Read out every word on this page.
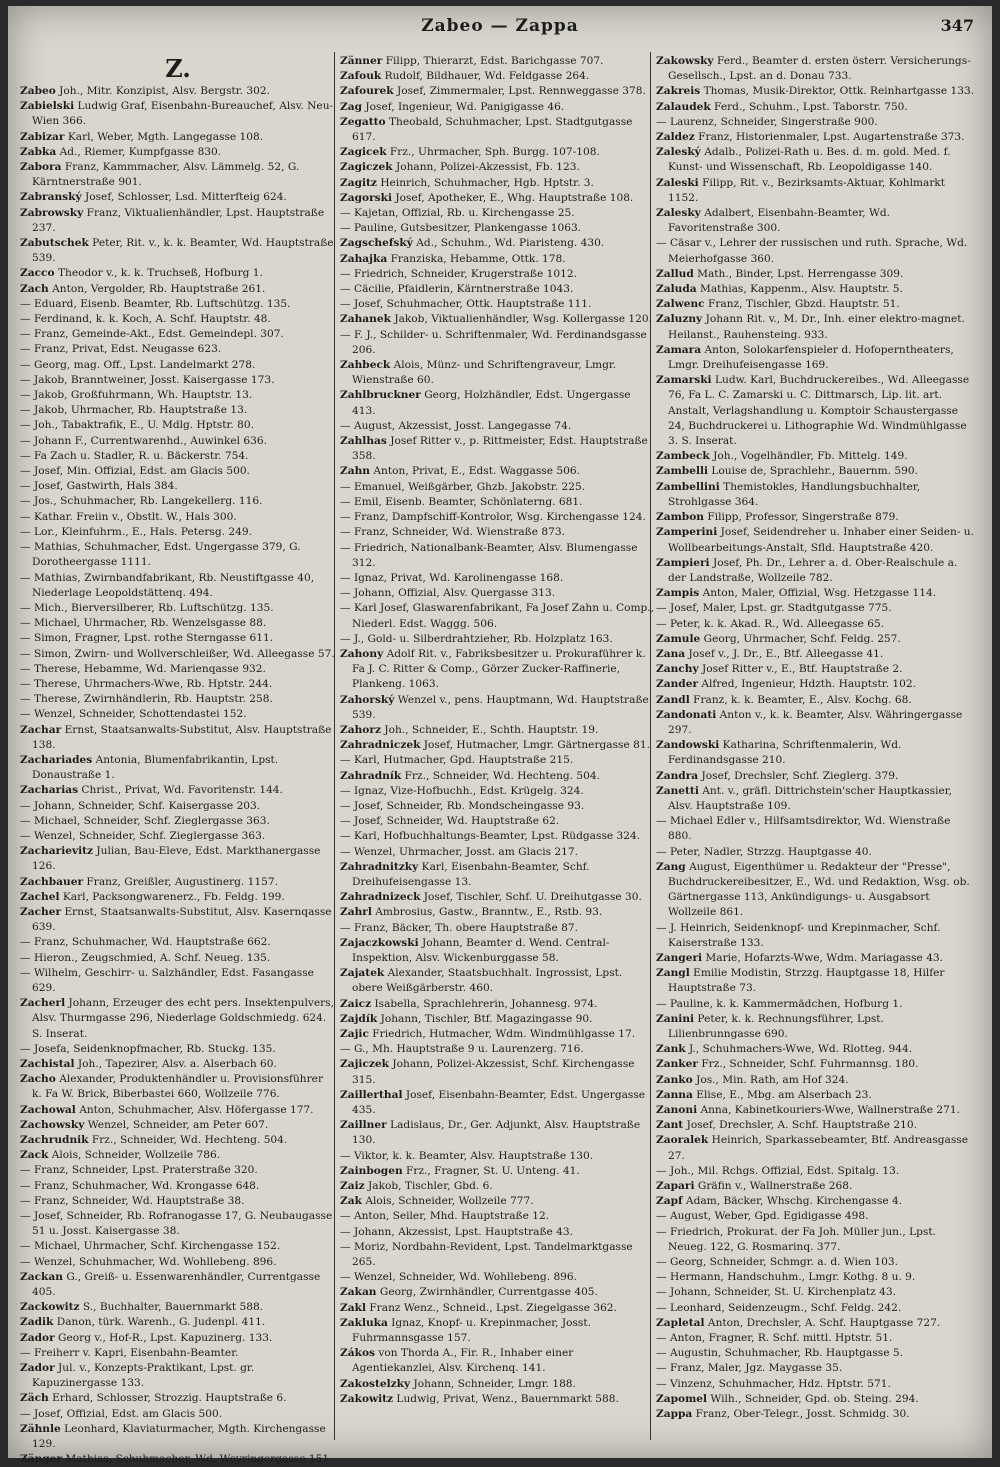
Zabeo — Zappa	347
Z.

Zabeo Joh., Mitr. Konzipist, Alsv. Bergstr. 302.

Zabielski Ludwig Graf, Eisenbahn-Bureauchef, Alsv. Neu-Wien 366.

Zabizar Karl, Weber, Mgth. Langegasse 108.

Zabka Ad., Riemer, Kumpfgasse 830.

Zabora Franz, Kammmacher, Alsv. Lämmelg. 52, G. Kärntnerstraße 901.

Zabranský Josef, Schlosser, Lsd. Mitterfteig 624.

Zabrowsky Franz, Viktualienhändler, Lpst. Hauptstraße 237.

Zabutschek Peter, Rit. v., k. k. Beamter, Wd. Hauptstraße 539.

Zacco Theodor v., k. k. Truchseß, Hofburg 1.

Zach Anton, Vergolder, Rb. Hauptstraße 261.

— Eduard, Eisenb. Beamter, Rb. Luftschützg. 135.

— Ferdinand, k. k. Koch, A. Schf. Hauptstr. 48.

— Franz, Gemeinde-Akt., Edst. Gemeindepl. 307.

— Franz, Privat, Edst. Neugasse 623.

— Georg, mag. Off., Lpst. Landelmarkt 278.

— Jakob, Branntweiner, Josst. Kaisergasse 173.

— Jakob, Großfuhrmann, Wh. Hauptstr. 13.

— Jakob, Uhrmacher, Rb. Hauptstraße 13.

— Joh., Tabaktrafik, E., U. Mdlg. Hptstr. 80.

— Johann F., Currentwarenhd., Auwinkel 636.

— Fa Zach u. Stadler, R. u. Bäckerstr. 754.

— Josef, Min. Offizial, Edst. am Glacis 500.

— Josef, Gastwirth, Hals 384.

— Jos., Schuhmacher, Rb. Langekellerg. 116.

— Kathar. Freiin v., Obstlt. W., Hals 300.

— Lor., Kleinfuhrm., E., Hals. Petersg. 249.

— Mathias, Schuhmacher, Edst. Ungergasse 379, G. Dorotheergasse 1111.

— Mathias, Zwirnbandfabrikant, Rb. Neustiftgasse 40, Niederlage Leopoldstättenq. 494.

— Mich., Bierversilberer, Rb. Luftschützg. 135.

— Michael, Uhrmacher, Rb. Wenzelsgasse 88.

— Simon, Fragner, Lpst. rothe Sterngasse 611.

— Simon, Zwirn- und Wollverschleißer, Wd. Alleegasse 57.

— Therese, Hebamme, Wd. Marienqasse 932.

— Therese, Uhrmachers-Wwe, Rb. Hptstr. 244.

— Therese, Zwirnhändlerin, Rb. Hauptstr. 258.

— Wenzel, Schneider, Schottendastei 152.

Zachar Ernst, Staatsanwalts-Substitut, Alsv. Hauptstraße 138.

Zachariades Antonia, Blumenfabrikantin, Lpst. Donaustraße 1.

Zacharias Christ., Privat, Wd. Favoritenstr. 144.

— Johann, Schneider, Schf. Kaisergasse 203.

— Michael, Schneider, Schf. Zieglergasse 363.

— Wenzel, Schneider, Schf. Zieglergasse 363.

Zacharievitz Julian, Bau-Eleve, Edst. Markthanergasse 126.

Zachbauer Franz, Greißler, Augustinerg. 1157.

Zachel Karl, Packsongwarenerz., Fb. Feldg. 199.

Zacher Ernst, Staatsanwalts-Substitut, Alsv. Kasernqasse 639.

— Franz, Schuhmacher, Wd. Hauptstraße 662.

— Hieron., Zeugschmied, A. Schf. Neueg. 135.

— Wilhelm, Geschirr- u. Salzhändler, Edst. Fasangasse 629.

Zacherl Johann, Erzeuger des echt pers. Insektenpulvers, Alsv. Thurmgasse 296, Niederlage Goldschmiedg. 624. S. Inserat.

— Josefa, Seidenknopfmacher, Rb. Stuckg. 135.

Zachistal Joh., Tapezirer, Alsv. a. Alserbach 60.

Zacho Alexander, Produktenhändler u. Provisionsführer k. Fa W. Brick, Biberbastei 660, Wollzeile 776.

Zachowal Anton, Schuhmacher, Alsv. Höfergasse 177.

Zachowsky Wenzel, Schneider, am Peter 607.

Zachrudnik Frz., Schneider, Wd. Hechteng. 504.

Zack Alois, Schneider, Wollzeile 786.

— Franz, Schneider, Lpst. Praterstraße 320.

— Franz, Schuhmacher, Wd. Krongasse 648.

— Franz, Schneider, Wd. Hauptstraße 38.

— Josef, Schneider, Rb. Rofranogasse 17, G. Neubaugasse 51 u. Josst. Kaisergasse 38.

— Michael, Uhrmacher, Schf. Kirchengasse 152.

— Wenzel, Schuhmacher, Wd. Wohllebeng. 896.

Zackan G., Greiß- u. Essenwarenhändler, Currentgasse 405.

Zackowitz S., Buchhalter, Bauernmarkt 588.

Zadik Danon, türk. Warenh., G. Judenpl. 411.

Zador Georg v., Hof-R., Lpst. Kapuzinerg. 133.

— Freiherr v. Kapri, Eisenbahn-Beamter.

Zador Jul. v., Konzepts-Praktikant, Lpst. gr. Kapuzinergasse 133.

Zäch Erhard, Schlosser, Strozzig. Hauptstraße 6.

— Josef, Offizial, Edst. am Glacis 500.

Zähnle Leonhard, Klaviaturmacher, Mgth. Kirchengasse 129.

Zänger Mathias, Schuhmacher, Wd. Weyringergasse 151.

Zänner Filipp, Thierarzt, Edst. Barichgasse 707.

Zafouk Rudolf, Bildhauer, Wd. Feldgasse 264.

Zafourek Josef, Zimmermaler, Lpst. Rennweggasse 378.

Zag Josef, Ingenieur, Wd. Panigigasse 46.

Zegatto Theobald, Schuhmacher, Lpst. Stadtgutgasse 617.

Zagicek Frz., Uhrmacher, Sph. Burgg. 107-108.

Zagiczek Johann, Polizei-Akzessist, Fb. 123.

Zagitz Heinrich, Schuhmacher, Hgb. Hptstr. 3.

Zagorski Josef, Apotheker, E., Whg. Hauptstraße 108.

— Kajetan, Offizial, Rb. u. Kirchengasse 25.

— Pauline, Gutsbesitzer, Plankengasse 1063.

Zagschefský Ad., Schuhm., Wd. Piaristeng. 430.

Zahajka Franziska, Hebamme, Ottk. 178.

— Friedrich, Schneider, Krugerstraße 1012.

— Cäcilie, Pfaidlerin, Kärntnerstraße 1043.

— Josef, Schuhmacher, Ottk. Hauptstraße 111.

Zahanek Jakob, Viktualienhändler, Wsg. Kollergasse 120.

— F. J., Schilder- u. Schriftenmaler, Wd. Ferdinandsgasse 206.

Zahbeck Alois, Münz- und Schriftengraveur, Lmgr. Wienstraße 60.

Zahlbruckner Georg, Holzhändler, Edst. Ungergasse 413.

— August, Akzessist, Josst. Langegasse 74.

Zahlhas Josef Ritter v., p. Rittmeister, Edst. Hauptstraße 358.

Zahn Anton, Privat, E., Edst. Waggasse 506.

— Emanuel, Weißgärber, Ghzb. Jakobstr. 225.

— Emil, Eisenb. Beamter, Schönlaterng. 681.

— Franz, Dampfschiff-Kontrolor, Wsg. Kirchengasse 124.

— Franz, Schneider, Wd. Wienstraße 873.

— Friedrich, Nationalbank-Beamter, Alsv. Blumengasse 312.

— Ignaz, Privat, Wd. Karolinengasse 168.

— Johann, Offizial, Alsv. Quergasse 313.

— Karl Josef, Glaswarenfabrikant, Fa Josef Zahn u. Comp., Niederl. Edst. Waggg. 506.

— J., Gold- u. Silberdrahtzieher, Rb. Holzplatz 163.

Zahony Adolf Rit. v., Fabriksbesitzer u. Prokuraführer k. Fa J. C. Ritter & Comp., Görzer Zucker-Raffinerie, Plankeng. 1063.

Zahorský Wenzel v., pens. Hauptmann, Wd. Hauptstraße 539.

Zahorz Joh., Schneider, E., Schth. Hauptstr. 19.

Zahradniczek Josef, Hutmacher, Lmgr. Gärtnergasse 81.

— Karl, Hutmacher, Gpd. Hauptstraße 215.

Zahradník Frz., Schneider, Wd. Hechteng. 504.

— Ignaz, Vize-Hofbuchh., Edst. Krügelg. 324.

— Josef, Schneider, Rb. Mondscheingasse 93.

— Josef, Schneider, Wd. Hauptstraße 62.

— Karl, Hofbuchhaltungs-Beamter, Lpst. Rüdgasse 324.

— Wenzel, Uhrmacher, Josst. am Glacis 217.

Zahradnitzky Karl, Eisenbahn-Beamter, Schf. Dreihufeisengasse 13.

Zahradnizeck Josef, Tischler, Schf. U. Dreihutgasse 30.

Zahrl Ambrosius, Gastw., Branntw., E., Rstb. 93.

— Franz, Bäcker, Th. obere Hauptstraße 87.

Zajaczkowski Johann, Beamter d. Wend. Central-Inspektion, Alsv. Wickenburggasse 58.

Zajatek Alexander, Staatsbuchhalt. Ingrossist, Lpst. obere Weißgärberstr. 460.

Zaicz Isabella, Sprachlehrerin, Johannesg. 974.

Zajdík Johann, Tischler, Btf. Magazingasse 90.

Zajic Friedrich, Hutmacher, Wdm. Windmühlgasse 17.

— G., Mh. Hauptstraße 9 u. Laurenzerg. 716.

Zajiczek Johann, Polizei-Akzessist, Schf. Kirchengasse 315.

Zaillerthal Josef, Eisenbahn-Beamter, Edst. Ungergasse 435.

Zaillner Ladislaus, Dr., Ger. Adjunkt, Alsv. Hauptstraße 130.

— Viktor, k. k. Beamter, Alsv. Hauptstraße 130.

Zainbogen Frz., Fragner, St. U. Unteng. 41.

Zaiz Jakob, Tischler, Gbd. 6.

Zak Alois, Schneider, Wollzeile 777.

— Anton, Seiler, Mhd. Hauptstraße 12.

— Johann, Akzessist, Lpst. Hauptstraße 43.

— Moriz, Nordbahn-Revident, Lpst. Tandelmarktgasse 265.

— Wenzel, Schneider, Wd. Wohllebeng. 896.

Zakan Georg, Zwirnhändler, Currentgasse 405.

Zakl Franz Wenz., Schneid., Lpst. Ziegelgasse 362.

Zakluka Ignaz, Knopf- u. Krepinmacher, Josst. Fuhrmannsgasse 157.

Zákos von Thorda A., Fir. R., Inhaber einer Agentiekanzlei, Alsv. Kirchenq. 141.

Zakostelzky Johann, Schneider, Lmgr. 188.

Zakowitz Ludwig, Privat, Wenz., Bauernmarkt 588.

Zakowsky Ferd., Beamter d. ersten österr. Versicherungs-Gesellsch., Lpst. an d. Donau 733.

Zakreis Thomas, Musik-Direktor, Ottk. Reinhartgasse 133.

Zalaudek Ferd., Schuhm., Lpst. Taborstr. 750.

— Laurenz, Schneider, Singerstraße 900.

Zaldez Franz, Historienmaler, Lpst. Augartenstraße 373.

Zaleský Adalb., Polizei-Rath u. Bes. d. m. gold. Med. f. Kunst- und Wissenschaft, Rb. Leopoldigasse 140.

Zaleski Filipp, Rit. v., Bezirksamts-Aktuar, Kohlmarkt 1152.

Zalesky Adalbert, Eisenbahn-Beamter, Wd. Favoritenstraße 300.

— Cäsar v., Lehrer der russischen und ruth. Sprache, Wd. Meierhofgasse 360.

Zallud Math., Binder, Lpst. Herrengasse 309.

Zaluda Mathias, Kappenm., Alsv. Hauptstr. 5.

Zalwenc Franz, Tischler, Gbzd. Hauptstr. 51.

Zaluzny Johann Rit. v., M. Dr., Inh. einer elektro-magnet. Heilanst., Rauhensteing. 933.

Zamara Anton, Solokarfenspieler d. Hofoperntheaters, Lmgr. Dreihufeisengasse 169.

Zamarski Ludw. Karl, Buchdruckereibes., Wd. Alleegasse 76, Fa L. C. Zamarski u. C. Dittmarsch, Lip. lit. art. Anstalt, Verlagshandlung u. Komptoir Schaustergasse 24, Buchdruckerei u. Lithographie Wd. Windmühlgasse 3. S. Inserat.

Zambeck Joh., Vogelhändler, Fb. Mittelg. 149.

Zambelli Louise de, Sprachlehr., Bauernm. 590.

Zambellini Themistokles, Handlungsbuchhalter, Strohlgasse 364.

Zambon Filipp, Professor, Singerstraße 879.

Zamperini Josef, Seidendreher u. Inhaber einer Seiden- u. Wollbearbeitungs-Anstalt, Sfld. Hauptstraße 420.

Zampieri Josef, Ph. Dr., Lehrer a. d. Ober-Realschule a. der Landstraße, Wollzeile 782.

Zampis Anton, Maler, Offizial, Wsg. Hetzgasse 114.

— Josef, Maler, Lpst. gr. Stadtgutgasse 775.

— Peter, k. k. Akad. R., Wd. Alleegasse 65.

Zamule Georg, Uhrmacher, Schf. Feldg. 257.

Zana Josef v., J. Dr., E., Btf. Alleegasse 41.

Zanchy Josef Ritter v., E., Btf. Hauptstraße 2.

Zander Alfred, Ingenieur, Hdzth. Hauptstr. 102.

Zandl Franz, k. k. Beamter, E., Alsv. Kochg. 68.

Zandonati Anton v., k. k. Beamter, Alsv. Währingergasse 297.

Zandowski Katharina, Schriftenmalerin, Wd. Ferdinandsgasse 210.

Zandra Josef, Drechsler, Schf. Zieglerg. 379.

Zanetti Ant. v., gräfl. Dittrichstein'scher Hauptkassier, Alsv. Hauptstraße 109.

— Michael Edler v., Hilfsamtsdirektor, Wd. Wienstraße 880.

— Peter, Nadler, Strzzg. Hauptgasse 40.

Zang August, Eigenthümer u. Redakteur der "Presse", Buchdruckereibesitzer, E., Wd. und Redaktion, Wsg. ob. Gärtnergasse 113, Ankündigungs- u. Ausgabsort Wollzeile 861.

— J. Heinrich, Seidenknopf- und Krepinmacher, Schf. Kaiserstraße 133.

Zangeri Marie, Hofarzts-Wwe, Wdm. Mariagasse 43.

Zangl Emilie Modistin, Strzzg. Hauptgasse 18, Hilfer Hauptstraße 73.

— Pauline, k. k. Kammermädchen, Hofburg 1.

Zanini Peter, k. k. Rechnungsführer, Lpst. Lilienbrunngasse 690.

Zank J., Schuhmachers-Wwe, Wd. Rlotteg. 944.

Zanker Frz., Schneider, Schf. Fuhrmannsg. 180.

Zanko Jos., Min. Rath, am Hof 324.

Zanna Elise, E., Mbg. am Alserbach 23.

Zanoni Anna, Kabinetkouriers-Wwe, Wallnerstraße 271.

Zant Josef, Drechsler, A. Schf. Hauptstraße 210.

Zaoralek Heinrich, Sparkassebeamter, Btf. Andreasgasse 27.

— Joh., Mil. Rchgs. Offizial, Edst. Spitalg. 13.

Zapari Gräfin v., Wallnerstraße 268.

Zapf Adam, Bäcker, Whschg. Kirchengasse 4.

— August, Weber, Gpd. Egidigasse 498.

— Friedrich, Prokurat. der Fa Joh. Müller jun., Lpst. Neueg. 122, G. Rosmarinq. 377.

— Georg, Schneider, Schmgr. a. d. Wien 103.

— Hermann, Handschuhm., Lmgr. Kothg. 8 u. 9.

— Johann, Schneider, St. U. Kirchenplatz 43.

— Leonhard, Seidenzeugm., Schf. Feldg. 242.

Zapletal Anton, Drechsler, A. Schf. Hauptgasse 727.

— Anton, Fragner, R. Schf. mittl. Hptstr. 51.

— Augustin, Schuhmacher, Rb. Hauptgasse 5.

— Franz, Maler, Jgz. Maygasse 35.

— Vinzenz, Schuhmacher, Hdz. Hptstr. 571.

Zapomel Wilh., Schneider, Gpd. ob. Steing. 294.

Zappa Franz, Ober-Telegr., Josst. Schmidg. 30.
